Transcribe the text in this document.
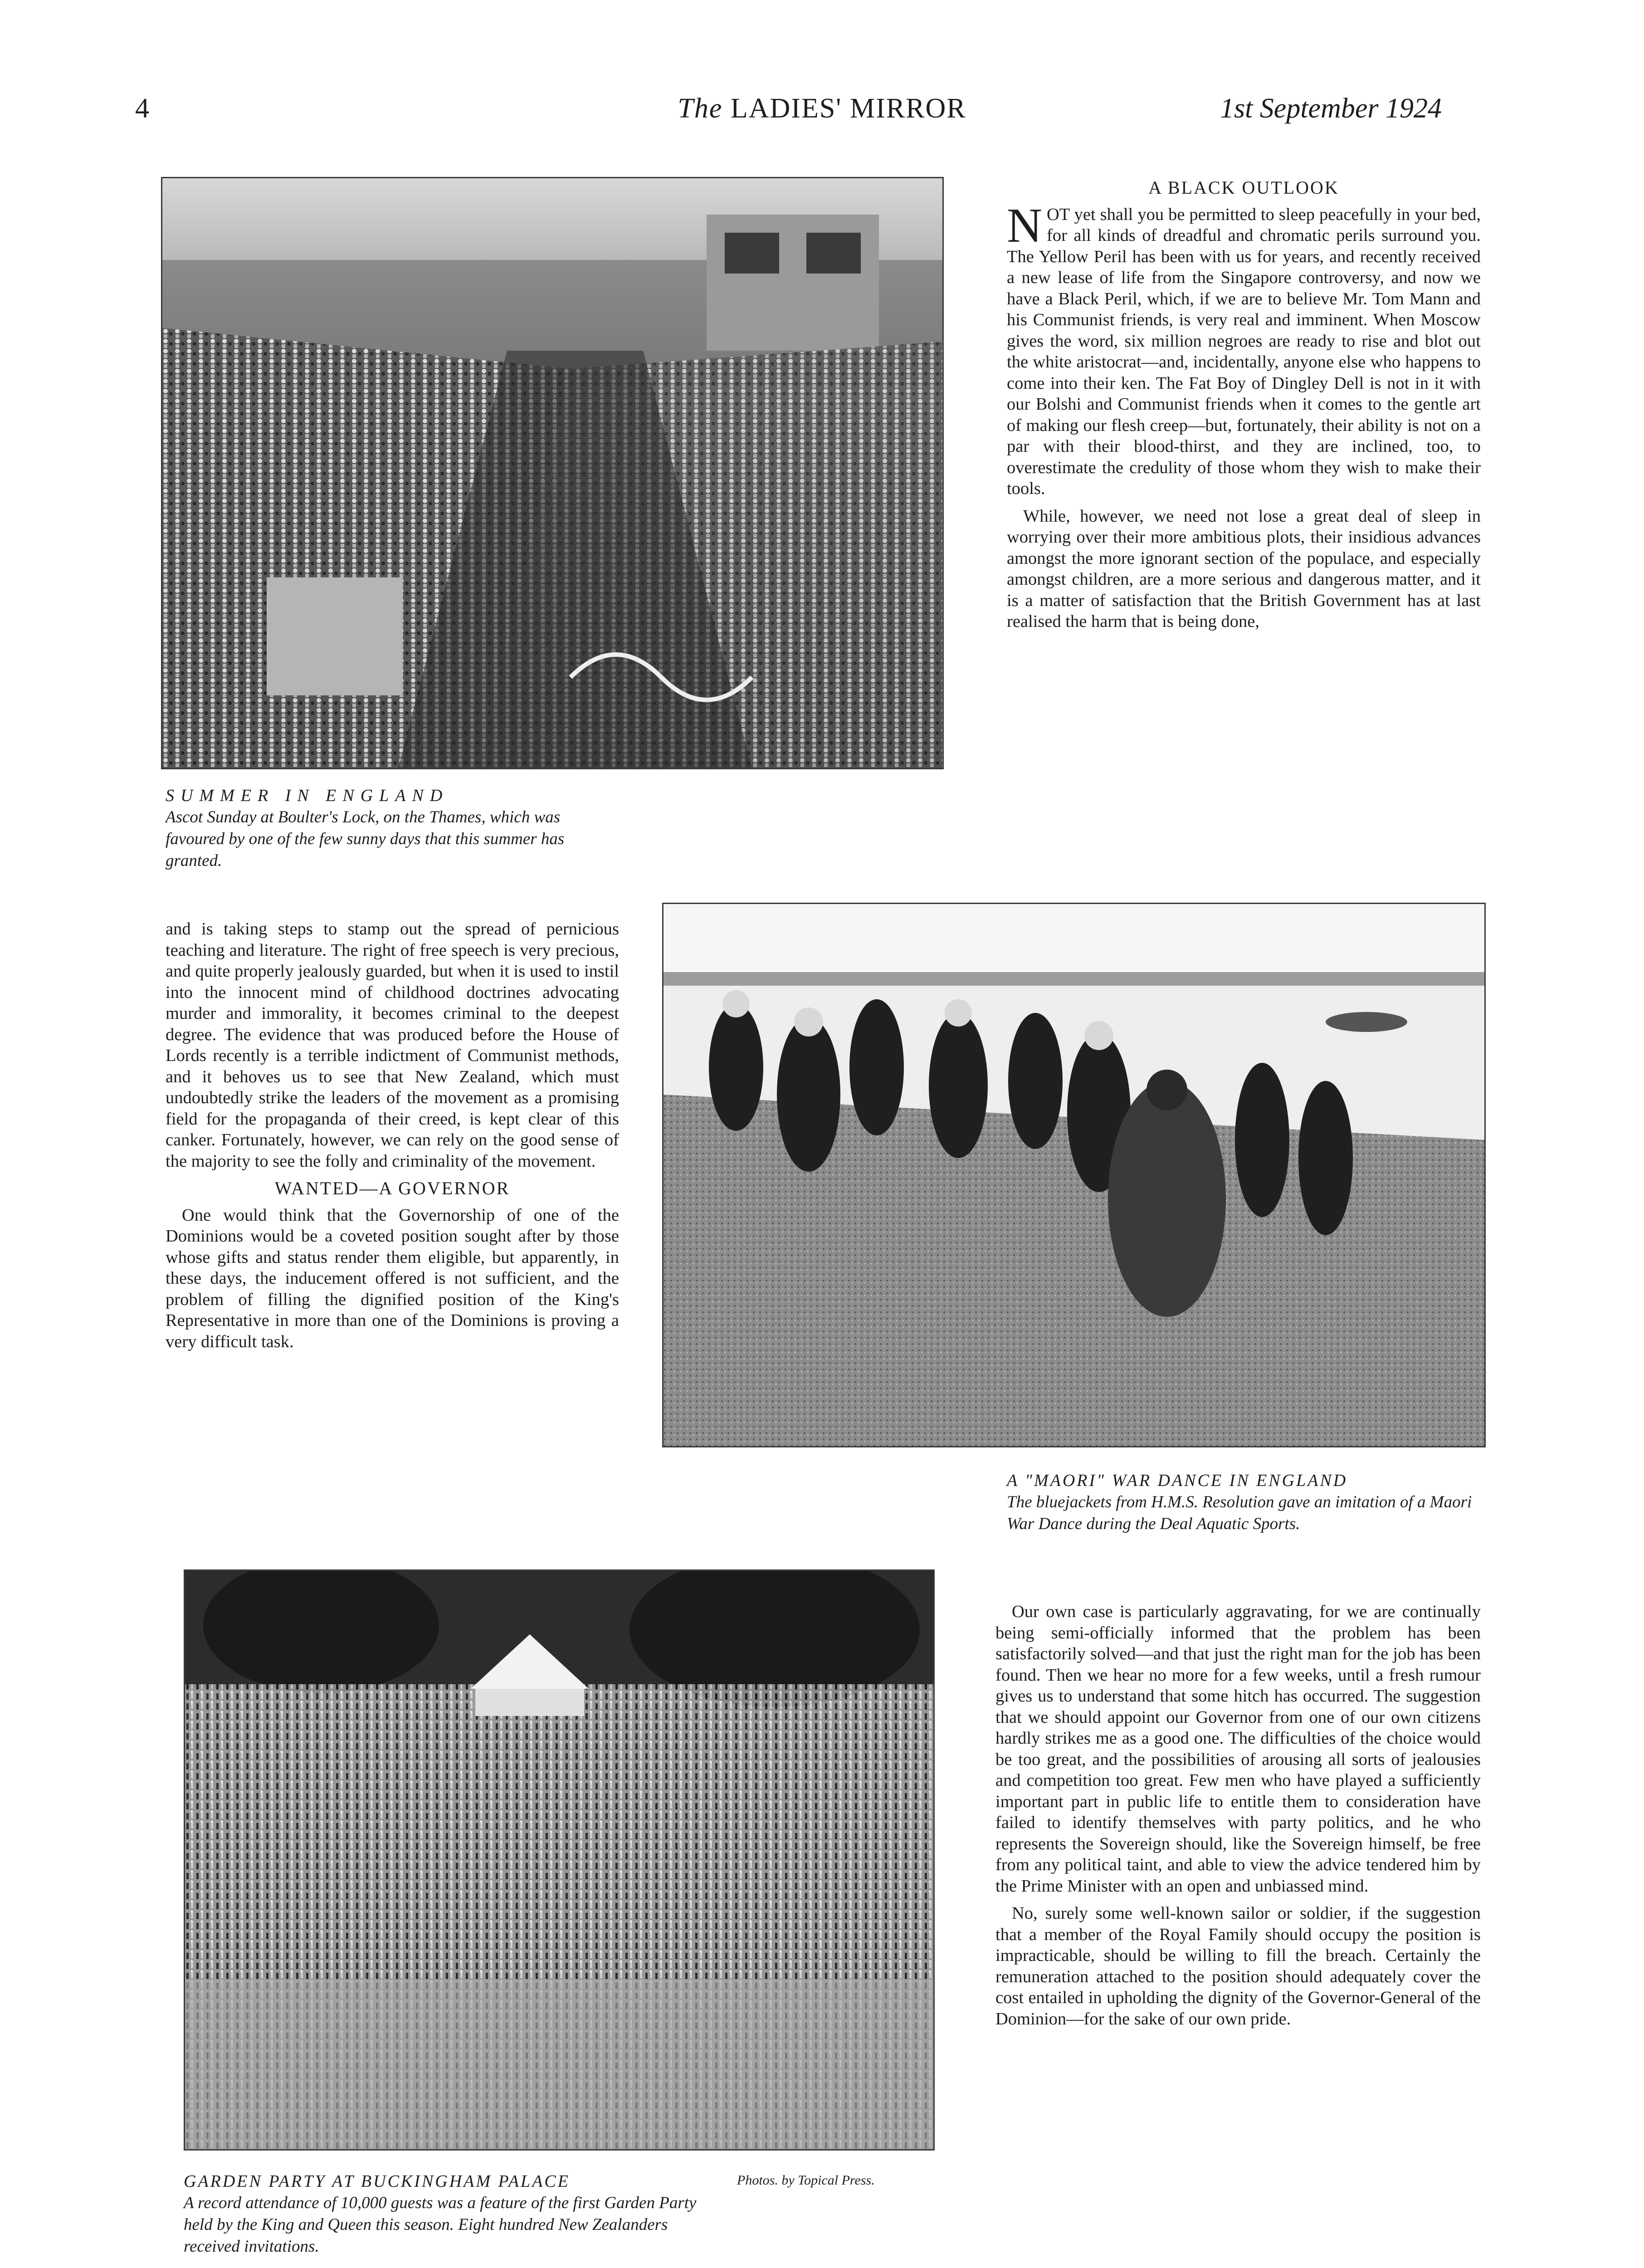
4	The LADIES' MIRROR	1st September 1924
SUMMER IN ENGLAND
Ascot Sunday at Boulter's Lock, on the Thames, which was favoured by one of the few sunny days that this summer has granted.
A BLACK OUTLOOK

NOT yet shall you be permitted to sleep peacefully in your bed, for all kinds of dreadful and chromatic perils surround you. The Yellow Peril has been with us for years, and recently received a new lease of life from the Singapore controversy, and now we have a Black Peril, which, if we are to believe Mr. Tom Mann and his Communist friends, is very real and imminent. When Moscow gives the word, six million negroes are ready to rise and blot out the white aristocrat—and, incidentally, anyone else who happens to come into their ken. The Fat Boy of Dingley Dell is not in it with our Bolshi and Communist friends when it comes to the gentle art of making our flesh creep—but, fortunately, their ability is not on a par with their blood-thirst, and they are inclined, too, to overestimate the credulity of those whom they wish to make their tools.

While, however, we need not lose a great deal of sleep in worrying over their more ambitious plots, their insidious advances amongst the more ignorant section of the populace, and especially amongst children, are a more serious and dangerous matter, and it is a matter of satisfaction that the British Government has at last realised the harm that is being done,

and is taking steps to stamp out the spread of pernicious teaching and literature. The right of free speech is very precious, and quite properly jealously guarded, but when it is used to instil into the innocent mind of childhood doctrines advocating murder and immorality, it becomes criminal to the deepest degree. The evidence that was produced before the House of Lords recently is a terrible indictment of Communist methods, and it behoves us to see that New Zealand, which must undoubtedly strike the leaders of the movement as a promising field for the propaganda of their creed, is kept clear of this canker. Fortunately, however, we can rely on the good sense of the majority to see the folly and criminality of the movement.

WANTED—A GOVERNOR

One would think that the Governorship of one of the Dominions would be a coveted position sought after by those whose gifts and status render them eligible, but apparently, in these days, the inducement offered is not sufficient, and the problem of filling the dignified position of the King's Representative in more than one of the Dominions is proving a very difficult task.

A "MAORI" WAR DANCE IN ENGLAND
The bluejackets from H.M.S. Resolution gave an imitation of a Maori War Dance during the Deal Aquatic Sports.
GARDEN PARTY AT BUCKINGHAM PALACE
A record attendance of 10,000 guests was a feature of the first Garden Party held by the King and Queen this season. Eight hundred New Zealanders received invitations.
Photos. by Topical Press.

Our own case is particularly aggravating, for we are continually being semi-officially informed that the problem has been satisfactorily solved—and that just the right man for the job has been found. Then we hear no more for a few weeks, until a fresh rumour gives us to understand that some hitch has occurred. The suggestion that we should appoint our Governor from one of our own citizens hardly strikes me as a good one. The difficulties of the choice would be too great, and the possibilities of arousing all sorts of jealousies and competition too great. Few men who have played a sufficiently important part in public life to entitle them to consideration have failed to identify themselves with party politics, and he who represents the Sovereign should, like the Sovereign himself, be free from any political taint, and able to view the advice tendered him by the Prime Minister with an open and unbiassed mind.

No, surely some well-known sailor or soldier, if the suggestion that a member of the Royal Family should occupy the position is impracticable, should be willing to fill the breach. Certainly the remuneration attached to the position should adequately cover the cost entailed in upholding the dignity of the Governor-General of the Dominion—for the sake of our own pride.
